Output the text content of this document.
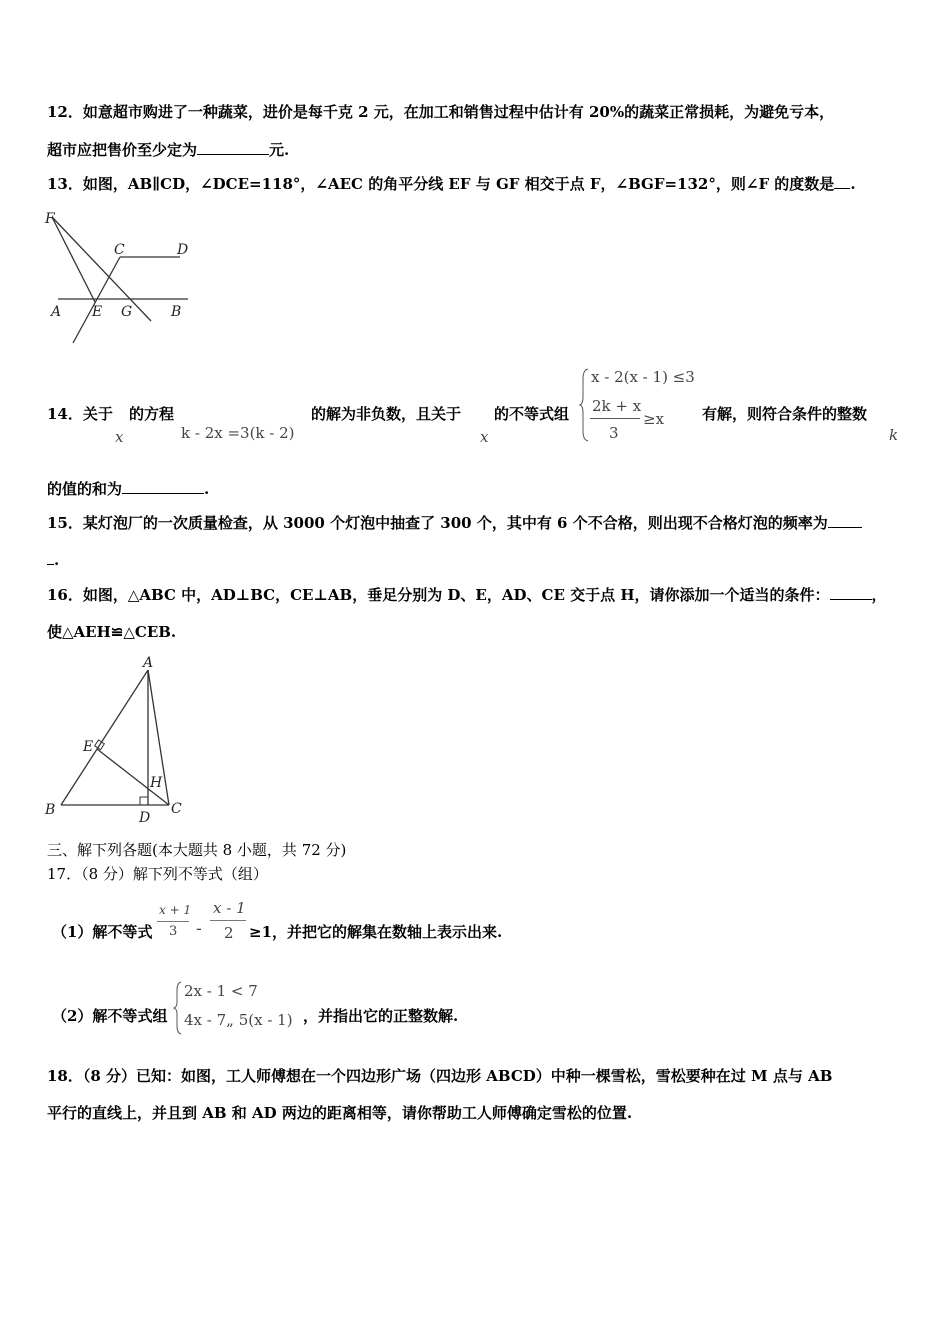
12．如意超市购进了一种蔬菜，进价是每千克 2 元，在加工和销售过程中估计有 20%的蔬菜正常损耗，为避免亏本，
超市应把售价至少定为	元.
13．如图，AB∥CD，∠DCE=118°，∠AEC 的角平分线 EF 与 GF 相交于点 F，∠BGF=132°，则∠F 的度数是 .
F
C	D
A E G	B
14．关于
x
的方程
k - 2x =3(k - 2)
的解为非负数，且关于
x
的不等式组
x - 2(x - 1) ≤3
2k + x
3
≥x	有解，则符合条件的整数
k
的值的和为	.
15．某灯泡厂的一次质量检查，从 3000 个灯泡中抽查了 300 个，其中有 6 个不合格，则出现不合格灯泡的频率为
.
16．如图，△ABC 中，AD⊥BC，CE⊥AB，垂足分别为 D、E，AD、CE 交于点 H，请你添加一个适当的条件：	，
使△AEH≌△CEB.
A
E
H
B	D
C
三、解下列各题(本大题共 8 小题，共 72 分)
17．（8 分）解下列不等式（组）
（1）解不等式
x + 1
3 -
x - 1
2 ≥1，并把它的解集在数轴上表示出来.
（2）解不等式组
2x - 1 < 7
4x - 7„ 5(x - 1) ，并指出它的正整数解.
18．（8 分）已知：如图，工人师傅想在一个四边形广场（四边形 ABCD）中种一棵雪松，雪松要种在过 M 点与 AB
平行的直线上，并且到 AB 和 AD 两边的距离相等，请你帮助工人师傅确定雪松的位置.
